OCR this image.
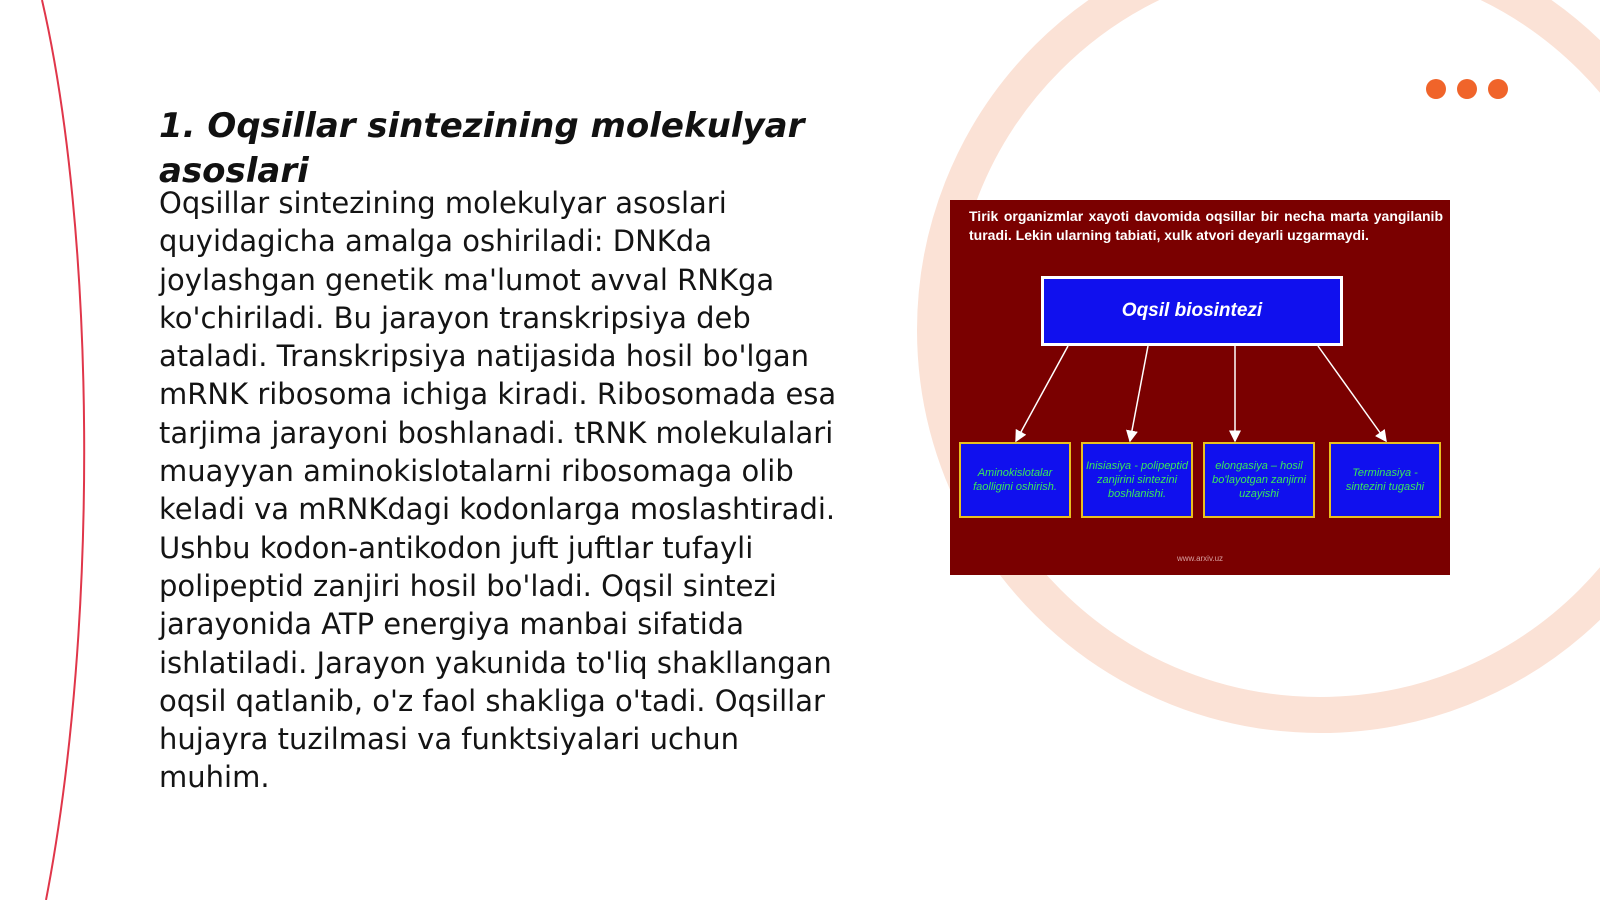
1. Oqsillar sintezining molekulyar asoslari

Oqsillar sintezining molekulyar asoslari quyidagicha amalga oshiriladi: DNKda joylashgan genetik ma'lumot avval RNKga ko'chiriladi. Bu jarayon transkripsiya deb ataladi. Transkripsiya natijasida hosil bo'lgan mRNK ribosoma ichiga kiradi. Ribosomada esa tarjima jarayoni boshlanadi. tRNK molekulalari muayyan aminokislotalarni ribosomaga olib keladi va mRNKdagi kodonlarga moslashtiradi. Ushbu kodon-antikodon juft juftlar tufayli polipeptid zanjiri hosil bo'ladi. Oqsil sintezi jarayonida ATP energiya manbai sifatida ishlatiladi. Jarayon yakunida to'liq shakllangan oqsil qatlanib, o'z faol shakliga o'tadi. Oqsillar hujayra tuzilmasi va funktsiyalari uchun muhim.

Tirik organizmlar xayoti davomida oqsillar bir necha marta yangilanib turadi. Lekin ularning tabiati, xulk atvori deyarli uzgarmaydi.

Oqsil biosintezi
Aminokislotalar faolligini oshirish.
Inisiasiya - polipeptid zanjirini sintezini boshlanishi.
elongasiya – hosil bo'layotgan zanjirni uzayishi
Terminasiya - sintezini tugashi
www.arxiv.uz
